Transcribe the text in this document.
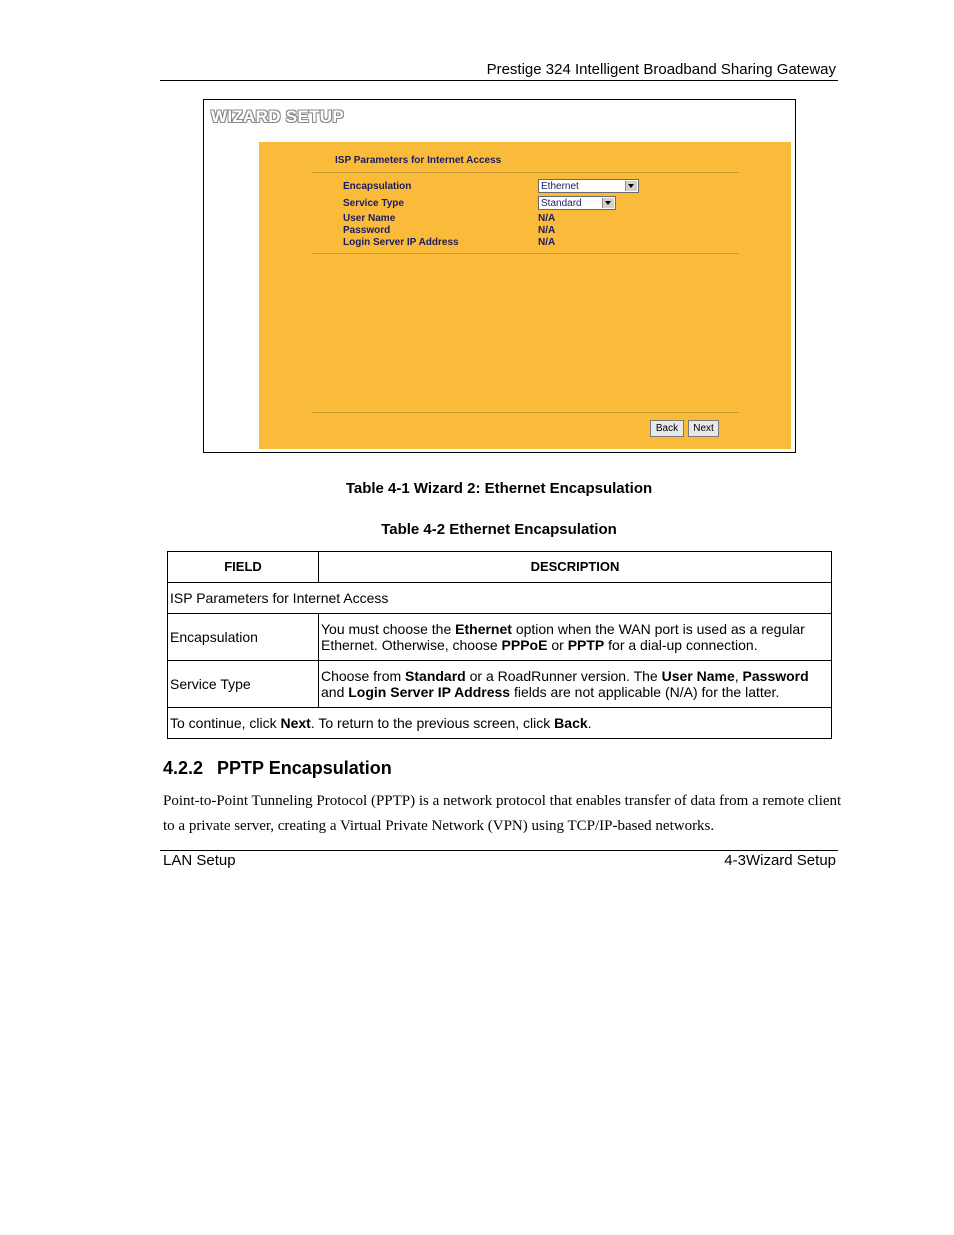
Prestige 324 Intelligent Broadband Sharing Gateway
WIZARD SETUP
ISP Parameters for Internet Access
Encapsulation	Ethernet
Service Type	Standard
User Name	N/A
Password	N/A
Login Server IP Address	N/A
Back	Next
Table 4-1 Wizard 2: Ethernet Encapsulation
Table 4-2 Ethernet Encapsulation
FIELD	DESCRIPTION
ISP Parameters for Internet Access	
Encapsulation	You must choose the Ethernet option when the WAN port is used as a regular Ethernet. Otherwise, choose PPPoE or PPTP for a dial-up connection.
Service Type	Choose from Standard or a RoadRunner version. The User Name, Password and Login Server IP Address fields are not applicable (N/A) for the latter.
To continue, click Next. To return to the previous screen, click Back.	
4.2.2 PPTP Encapsulation
Point-to-Point Tunneling Protocol (PPTP) is a network protocol that enables transfer of data from a remote client to a private server, creating a Virtual Private Network (VPN) using TCP/IP-based networks.
LAN Setup	4-3Wizard Setup
